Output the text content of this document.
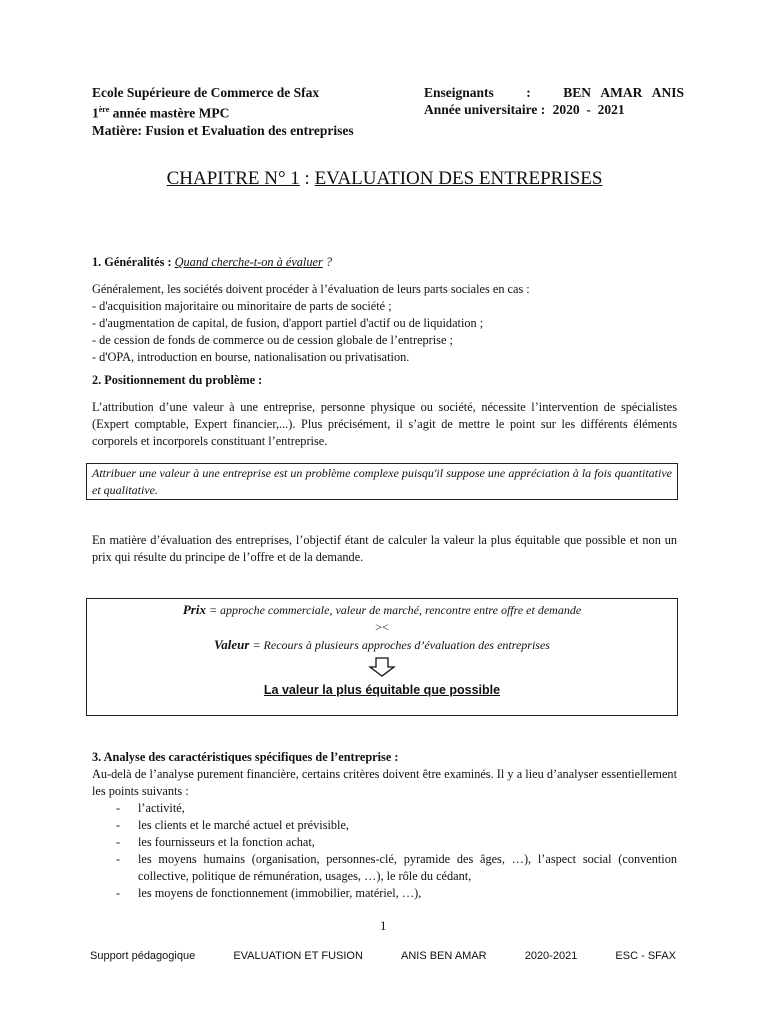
Ecole Supérieure de Commerce de Sfax
1ère année mastère MPC
Matière: Fusion et Evaluation des entreprises
Enseignants : BEN   AMAR   ANIS
Année universitaire : 2020  -  2021
CHAPITRE N° 1 : EVALUATION DES ENTREPRISES

1. Généralités : Quand cherche-t-on à évaluer ?

Généralement, les sociétés doivent procéder à l’évaluation de leurs parts sociales en cas :

- d'acquisition majoritaire ou minoritaire de parts de société ;

- d'augmentation de capital, de fusion, d'apport partiel d'actif ou de liquidation ;

- de cession de fonds de commerce ou de cession globale de l’entreprise ;

- d'OPA, introduction en bourse, nationalisation ou privatisation.

2. Positionnement du problème :

L’attribution d’une valeur à une entreprise, personne physique ou société, nécessite l’intervention de spécialistes (Expert comptable, Expert financier,...). Plus précisément, il s’agit de mettre le point sur les différents éléments corporels et incorporels constituant l’entreprise.

Attribuer une valeur à une entreprise est un problème complexe puisqu'il suppose une appréciation à la fois quantitative et qualitative.
En matière d’évaluation des entreprises, l’objectif étant de calculer la valeur la plus équitable que possible et non un prix qui résulte du principe de l’offre et de la demande.
Prix = approche commerciale, valeur de marché, rencontre entre offre et demande
><
Valeur = Recours à plusieurs approches d’évaluation des entreprises
La valeur la plus équitable que possible

3. Analyse des caractéristiques spécifiques de l’entreprise :

Au-delà de l’analyse purement financière, certains critères doivent être examinés. Il y a lieu d’analyser essentiellement les points suivants :

- l’activité,
- les clients et le marché actuel et prévisible,
- les fournisseurs et la fonction achat,
- les moyens humains (organisation, personnes-clé, pyramide des âges, …), l’aspect social (convention collective, politique de rémunération, usages, …), le rôle du cédant,
- les moyens de fonctionnement (immobilier, matériel, …),
1
Support pédagogique	EVALUATION ET FUSION	ANIS BEN AMAR	2020-2021	ESC - SFAX
